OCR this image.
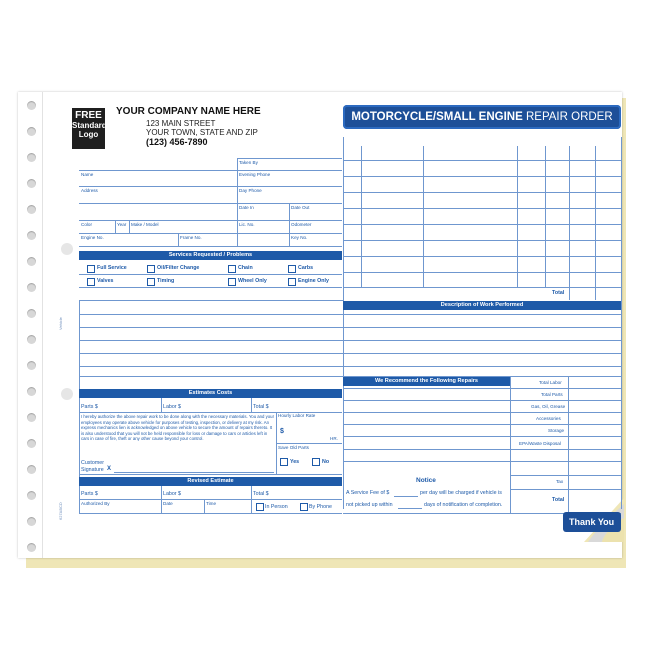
Vehicle
627ABCD
FREE
Standard
Logo
YOUR COMPANY NAME HERE
123 MAIN STREET
YOUR TOWN, STATE AND ZIP
(123) 456-7890
MOTORCYCLE/SMALL ENGINE REPAIR ORDER
Taken By
Name	Evening Phone
Address	Day Phone
Date In	Date Out
Color	Year Make / Model	Lic. No.	Odometer
Engine No.	Frame No.	Key No.
Services Requested / Problems
Full Service	Oil/Filter Change	Chain	Carbs
Valves	Timing	Wheel Only	Engine Only
Qty.	Part No.	Description	Price	Amount
Total
Description of Work Performed
Estimates Costs
Parts $	Labor $	Total $
I hereby authorize the above repair work to be done along with the necessary materials. You and your employees may operate above vehicle for purposes of testing, inspection, or delivery at my risk. An express mechanics lien is acknowledged on above vehicle to secure the amount of repairs thereto. It is also understood that you will not be held responsible for loss or damage to cars or articles left in cars in case of fire, theft or any other cause beyond your control.
Hourly Labor Rate
$
HR.
Save Old Parts
Yes	No
Customer
Signature X
Revised Estimate
Parts $	Labor $	Total $
Authorized By	Date	Time
In Person	By Phone
We Recommend the Following Repairs	Total Labor
Total Parts
Gas, Oil, Grease
Accessories
Storage
EPA/Waste Disposal
Tax
Total
Notice
A Service Fee of $	per day will be charged if vehicle is
not picked up within	days of notification of completion.
Thank You
